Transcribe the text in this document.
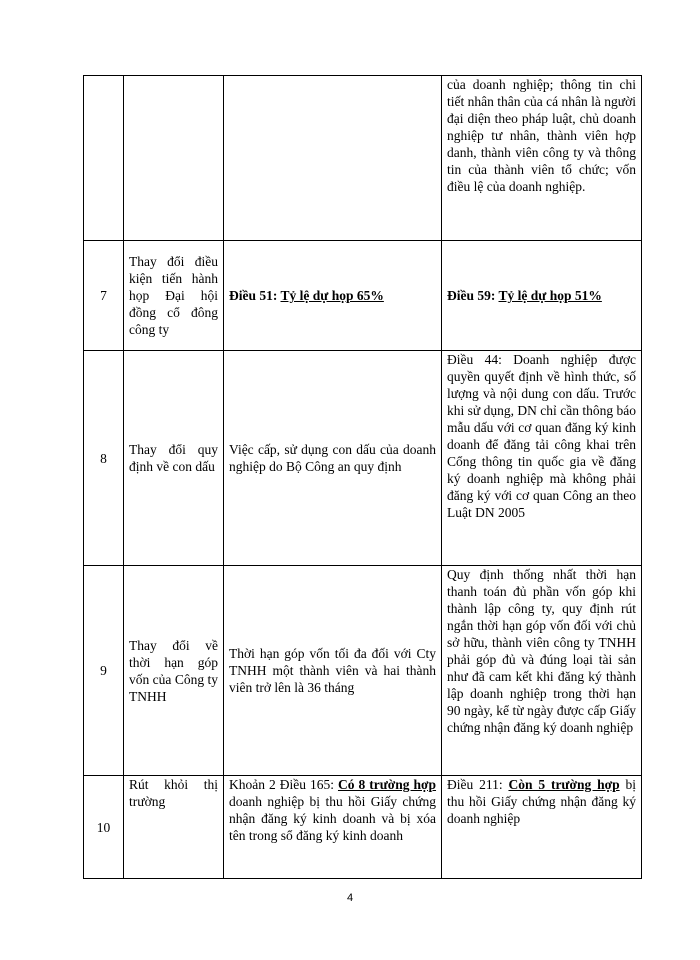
			của doanh nghiệp; thông tin chi tiết nhân thân của cá nhân là người đại diện theo pháp luật, chủ doanh nghiệp tư nhân, thành viên hợp danh, thành viên công ty và thông tin của thành viên tổ chức; vốn điều lệ của doanh nghiệp.
7	Thay đổi điều kiện tiến hành họp Đại hội đồng cổ đông công ty	Điều 51: Tỷ lệ dự họp 65%	Điều 59: Tỷ lệ dự họp 51%
8	Thay đổi quy định về con dấu	Việc cấp, sử dụng con dấu của doanh nghiệp do Bộ Công an quy định	Điều 44: Doanh nghiệp được quyền quyết định về hình thức, số lượng và nội dung con dấu. Trước khi sử dụng, DN chỉ cần thông báo mẫu dấu với cơ quan đăng ký kinh doanh để đăng tải công khai trên Cổng thông tin quốc gia về đăng ký doanh nghiệp mà không phải đăng ký với cơ quan Công an theo Luật DN 2005
9	Thay đổi về thời hạn góp vốn của Công ty TNHH	Thời hạn góp vốn tối đa đối với Cty TNHH một thành viên và hai thành viên trở lên là 36 tháng	Quy định thống nhất thời hạn thanh toán đủ phần vốn góp khi thành lập công ty, quy định rút ngắn thời hạn góp vốn đối với chủ sở hữu, thành viên công ty TNHH phải góp đủ và đúng loại tài sản như đã cam kết khi đăng ký thành lập doanh nghiệp trong thời hạn 90 ngày, kể từ ngày được cấp Giấy chứng nhận đăng ký doanh nghiệp
10	Rút khỏi thị trường	Khoản 2 Điều 165: Có 8 trường hợp doanh nghiệp bị thu hồi Giấy chứng nhận đăng ký kinh doanh và bị xóa tên trong sổ đăng ký kinh doanh	Điều 211: Còn 5 trường hợp bị thu hồi Giấy chứng nhận đăng ký doanh nghiệp
4
